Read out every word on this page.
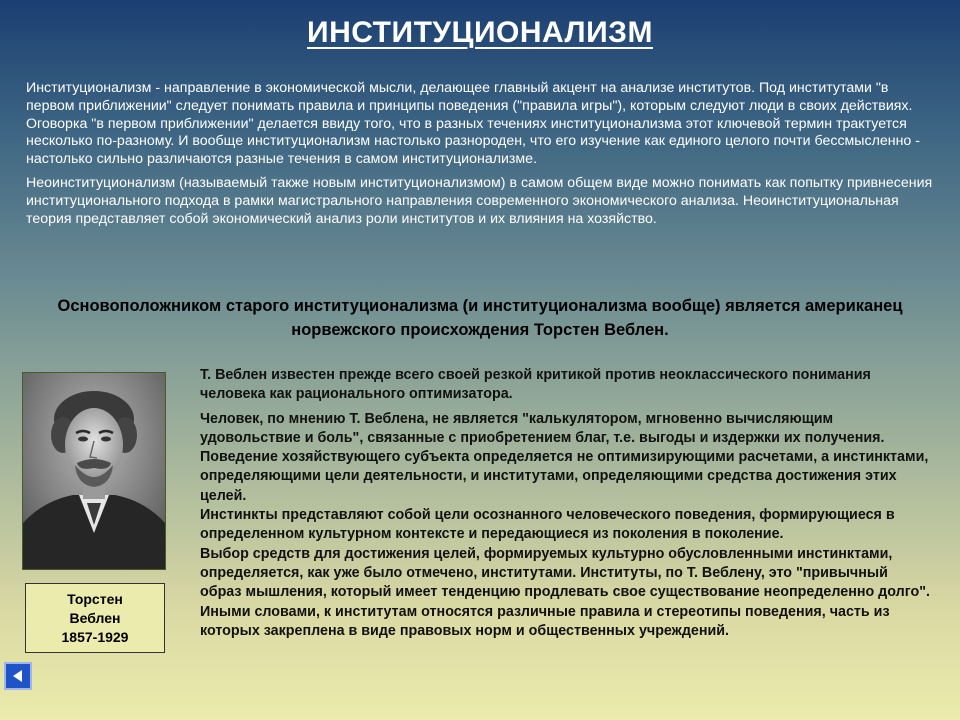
ИНСТИТУЦИОНАЛИЗМ

Институционализм - направление в экономической мысли, делающее главный акцент на анализе институтов. Под институтами "в первом приближении" следует понимать правила и принципы поведения ("правила игры"), которым следуют люди в своих действиях. Оговорка "в первом приближении" делается ввиду того, что в разных течениях институционализма этот ключевой термин трактуется несколько по-разному. И вообще институционализм настолько разнороден, что его изучение как единого целого почти бессмысленно - настолько сильно различаются разные течения в самом институционализме.

Неоинституционализм (называемый также новым институционализмом) в самом общем виде можно понимать как попытку привнесения институционального подхода в рамки магистрального направления современного экономического анализа. Неоинституциональная теория представляет собой экономический анализ роли институтов и их влияния на хозяйство.

Основоположником старого институционализма (и институционализма вообще) является американец норвежского происхождения Торстен Веблен.
Торстен
Веблен
1857-1929

Т. Веблен известен прежде всего своей резкой критикой против неоклассического понимания человека как рационального оптимизатора.

Человек, по мнению Т. Веблена, не является "калькулятором, мгновенно вычисляющим удовольствие и боль", связанные с приобретением благ, т.е. выгоды и издержки их получения. Поведение хозяйствующего субъекта определяется не оптимизирующими расчетами, а инстинктами, определяющими цели деятельности, и институтами, определяющими средства достижения этих целей.

Инстинкты представляют собой цели осознанного человеческого поведения, формирующиеся в определенном культурном контексте и передающиеся из поколения в поколение.

Выбор средств для достижения целей, формируемых культурно обусловленными инстинктами, определяется, как уже было отмечено, институтами. Институты, по Т. Веблену, это "привычный образ мышления, который имеет тенденцию продлевать свое существование неопределенно долго".

Иными словами, к институтам относятся различные правила и стереотипы поведения, часть из которых закреплена в виде правовых норм и общественных учреждений.
